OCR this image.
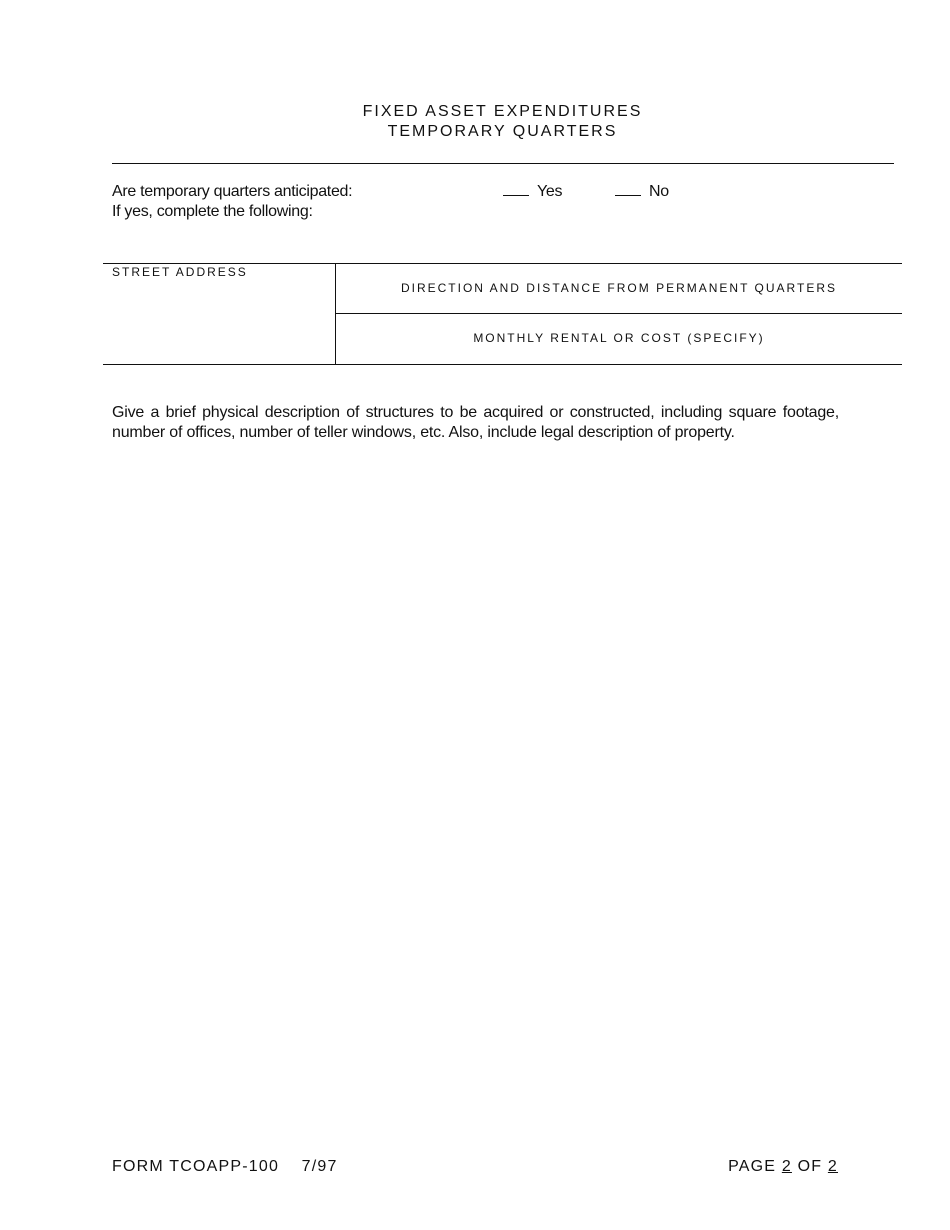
FIXED ASSET EXPENDITURES
TEMPORARY QUARTERS
Are temporary quarters anticipated:
If yes, complete the following:
Yes	No
STREET ADDRESS
DIRECTION AND DISTANCE FROM PERMANENT QUARTERS
MONTHLY RENTAL OR COST (SPECIFY)
Give a brief physical description of structures to be acquired or constructed, including square footage, number of offices, number of teller windows, etc. Also, include legal description of property.
FORM TCOAPP-100 7/97	PAGE 2 OF 2
